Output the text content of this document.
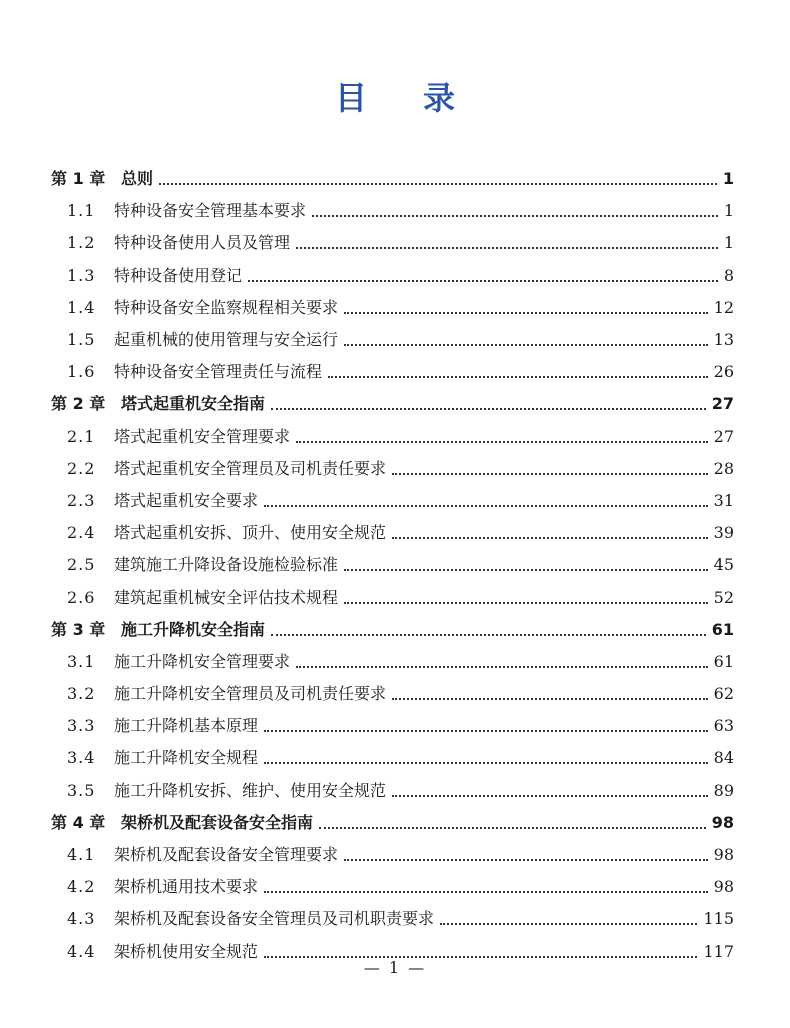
目录
第 1 章 总则	1
1.1	特种设备安全管理基本要求	1
1.2	特种设备使用人员及管理	1
1.3	特种设备使用登记	8
1.4	特种设备安全监察规程相关要求	12
1.5	起重机械的使用管理与安全运行	13
1.6	特种设备安全管理责任与流程	26
第 2 章 塔式起重机安全指南	27
2.1	塔式起重机安全管理要求	27
2.2	塔式起重机安全管理员及司机责任要求	28
2.3	塔式起重机安全要求	31
2.4	塔式起重机安拆、顶升、使用安全规范	39
2.5	建筑施工升降设备设施检验标准	45
2.6	建筑起重机械安全评估技术规程	52
第 3 章 施工升降机安全指南	61
3.1	施工升降机安全管理要求	61
3.2	施工升降机安全管理员及司机责任要求	62
3.3	施工升降机基本原理	63
3.4	施工升降机安全规程	84
3.5	施工升降机安拆、维护、使用安全规范	89
第 4 章 架桥机及配套设备安全指南	98
4.1	架桥机及配套设备安全管理要求	98
4.2	架桥机通用技术要求	98
4.3	架桥机及配套设备安全管理员及司机职责要求	115
4.4	架桥机使用安全规范	117
— 1 —
